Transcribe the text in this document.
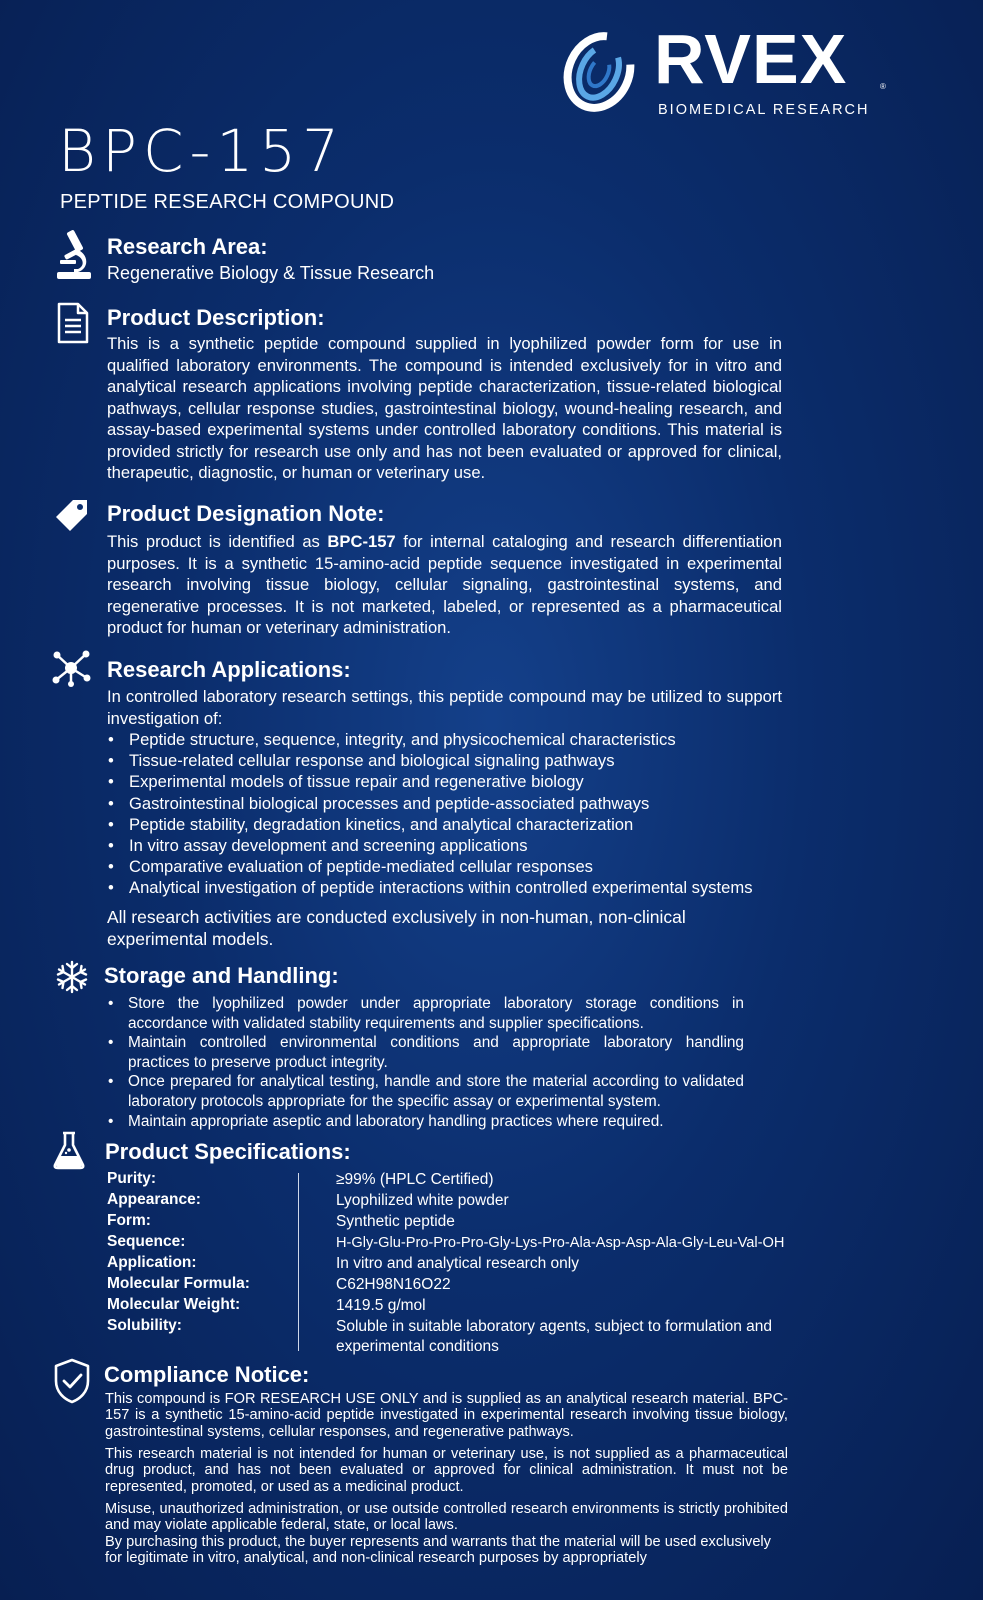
RVEX	®
BIOMEDICAL RESEARCH
BPC-157
PEPTIDE RESEARCH COMPOUND
Research Area:
Regenerative Biology & Tissue Research
Product Description:
This is a synthetic peptide compound supplied in lyophilized powder form for use in qualified laboratory environments. The compound is intended exclusively for in vitro and analytical research applications involving peptide characterization, tissue-related biological pathways, cellular response studies, gastrointestinal biology, wound-healing research, and assay-based experimental systems under controlled laboratory conditions. This material is provided strictly for research use only and has not been evaluated or approved for clinical, therapeutic, diagnostic, or human or veterinary use.
Product Designation Note:
This product is identified as BPC-157 for internal cataloging and research differentiation purposes. It is a synthetic 15-amino-acid peptide sequence investigated in experimental research involving tissue biology, cellular signaling, gastrointestinal systems, and regenerative processes. It is not marketed, labeled, or represented as a pharmaceutical product for human or veterinary administration.
Research Applications:
In controlled laboratory research settings, this peptide compound may be utilized to support investigation of:
• Peptide structure, sequence, integrity, and physicochemical characteristics
• Tissue-related cellular response and biological signaling pathways
• Experimental models of tissue repair and regenerative biology
• Gastrointestinal biological processes and peptide-associated pathways
• Peptide stability, degradation kinetics, and analytical characterization
• In vitro assay development and screening applications
• Comparative evaluation of peptide-mediated cellular responses
• Analytical investigation of peptide interactions within controlled experimental systems
All research activities are conducted exclusively in non-human, non-clinical experimental models.
Storage and Handling:
• Store the lyophilized powder under appropriate laboratory storage conditions in accordance with validated stability requirements and supplier specifications.
• Maintain controlled environmental conditions and appropriate laboratory handling practices to preserve product integrity.
• Once prepared for analytical testing, handle and store the material according to validated laboratory protocols appropriate for the specific assay or experimental system.
• Maintain appropriate aseptic and laboratory handling practices where required.
Product Specifications:
Purity:	≥99% (HPLC Certified)
Appearance:	Lyophilized white powder
Form:	Synthetic peptide
Sequence:	H-Gly-Glu-Pro-Pro-Pro-Gly-Lys-Pro-Ala-Asp-Asp-Ala-Gly-Leu-Val-OH
Application:	In vitro and analytical research only
Molecular Formula:	C62H98N16O22
Molecular Weight:	1419.5 g/mol
Solubility:	Soluble in suitable laboratory agents, subject to formulation and experimental conditions
Compliance Notice:
This compound is FOR RESEARCH USE ONLY and is supplied as an analytical research material. BPC-157 is a synthetic 15-amino-acid peptide investigated in experimental research involving tissue biology, gastrointestinal systems, cellular responses, and regenerative pathways.
This research material is not intended for human or veterinary use, is not supplied as a pharmaceutical drug product, and has not been evaluated or approved for clinical administration. It must not be represented, promoted, or used as a medicinal product.
Misuse, unauthorized administration, or use outside controlled research environments is strictly prohibited and may violate applicable federal, state, or local laws.
By purchasing this product, the buyer represents and warrants that the material will be used exclusively for legitimate in vitro, analytical, and non-clinical research purposes by appropriately
